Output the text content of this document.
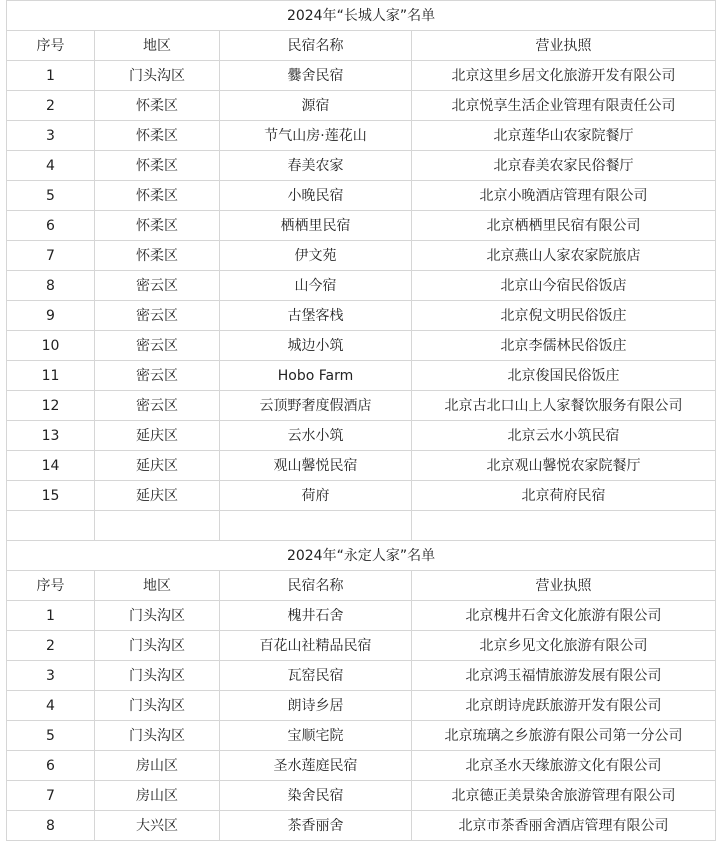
2024年“长城人家”名单			
序号	地区	民宿名称	营业执照
1	门头沟区	爨舍民宿	北京这里乡居文化旅游开发有限公司
2	怀柔区	源宿	北京悦享生活企业管理有限责任公司
3	怀柔区	节气山房·莲花山	北京莲华山农家院餐厅
4	怀柔区	春美农家	北京春美农家民俗餐厅
5	怀柔区	小晚民宿	北京小晚酒店管理有限公司
6	怀柔区	栖栖里民宿	北京栖栖里民宿有限公司
7	怀柔区	伊文苑	北京燕山人家农家院旅店
8	密云区	山今宿	北京山今宿民俗饭店
9	密云区	古堡客栈	北京倪文明民俗饭庄
10	密云区	城边小筑	北京李儒林民俗饭庄
11	密云区	Hobo Farm	北京俊国民俗饭庄
12	密云区	云顶野奢度假酒店	北京古北口山上人家餐饮服务有限公司
13	延庆区	云水小筑	北京云水小筑民宿
14	延庆区	观山馨悦民宿	北京观山馨悦农家院餐厅
15	延庆区	荷府	北京荷府民宿

2024年“永定人家”名单			
序号	地区	民宿名称	营业执照
1	门头沟区	槐井石舍	北京槐井石舍文化旅游有限公司
2	门头沟区	百花山社精品民宿	北京乡见文化旅游有限公司
3	门头沟区	瓦窑民宿	北京鸿玉福情旅游发展有限公司
4	门头沟区	朗诗乡居	北京朗诗虎跃旅游开发有限公司
5	门头沟区	宝顺宅院	北京琉璃之乡旅游有限公司第一分公司
6	房山区	圣水莲庭民宿	北京圣水天缘旅游文化有限公司
7	房山区	染舍民宿	北京德正美景染舍旅游管理有限公司
8	大兴区	茶香丽舍	北京市茶香丽舍酒店管理有限公司
